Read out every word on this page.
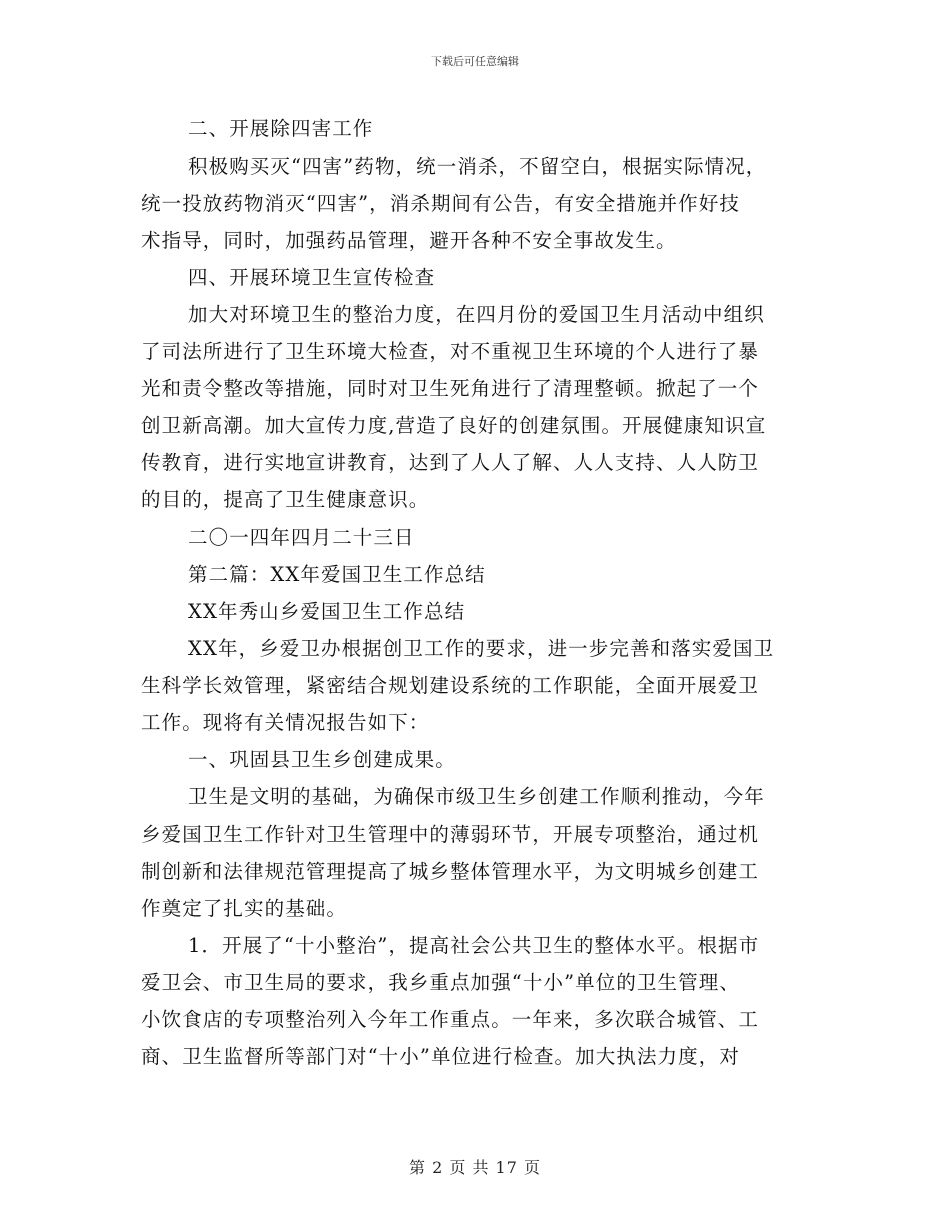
下载后可任意编辑
二、开展除四害工作
积极购买灭“四害”药物，统一消杀，不留空白，根据实际情况，
统一投放药物消灭“四害”，消杀期间有公告，有安全措施并作好技
术指导，同时，加强药品管理，避开各种不安全事故发生。
四、开展环境卫生宣传检查
加大对环境卫生的整治力度，在四月份的爱国卫生月活动中组织
了司法所进行了卫生环境大检查，对不重视卫生环境的个人进行了暴
光和责令整改等措施，同时对卫生死角进行了清理整顿。掀起了一个
创卫新高潮。加大宣传力度,营造了良好的创建氛围。开展健康知识宣
传教育，进行实地宣讲教育，达到了人人了解、人人支持、人人防卫
的目的，提高了卫生健康意识。
二〇一四年四月二十三日
第二篇：XX年爱国卫生工作总结
XX年秀山乡爱国卫生工作总结
XX年，乡爱卫办根据创卫工作的要求，进一步完善和落实爱国卫
生科学长效管理，紧密结合规划建设系统的工作职能，全面开展爱卫
工作。现将有关情况报告如下：
一、巩固县卫生乡创建成果。
卫生是文明的基础，为确保市级卫生乡创建工作顺利推动，今年
乡爱国卫生工作针对卫生管理中的薄弱环节，开展专项整治，通过机
制创新和法律规范管理提高了城乡整体管理水平，为文明城乡创建工
作奠定了扎实的基础。
1．开展了“十小整治”，提高社会公共卫生的整体水平。根据市
爱卫会、市卫生局的要求，我乡重点加强“十小”单位的卫生管理、
小饮食店的专项整治列入今年工作重点。一年来，多次联合城管、工
商、卫生监督所等部门对“十小”单位进行检查。加大执法力度，对
第 2 页 共 17 页
